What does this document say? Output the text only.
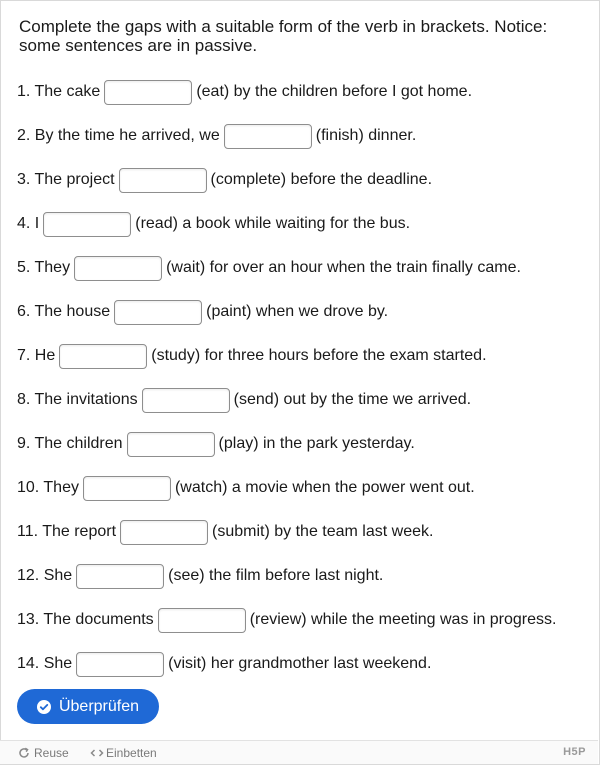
Complete the gaps with a suitable form of the verb in brackets. Notice: some sentences are in passive.
1. The cake	(eat) by the children before I got home.
2. By the time he arrived, we	(finish) dinner.
3. The project	(complete) before the deadline.
4. I	(read) a book while waiting for the bus.
5. They	(wait) for over an hour when the train finally came.
6. The house	(paint) when we drove by.
7. He	(study) for three hours before the exam started.
8. The invitations	(send) out by the time we arrived.
9. The children	(play) in the park yesterday.
10. They	(watch) a movie when the power went out.
11. The report	(submit) by the team last week.
12. She	(see) the film before last night.
13. The documents	(review) while the meeting was in progress.
14. She	(visit) her grandmother last weekend.
Überprüfen
Reuse	Einbetten	H5P
